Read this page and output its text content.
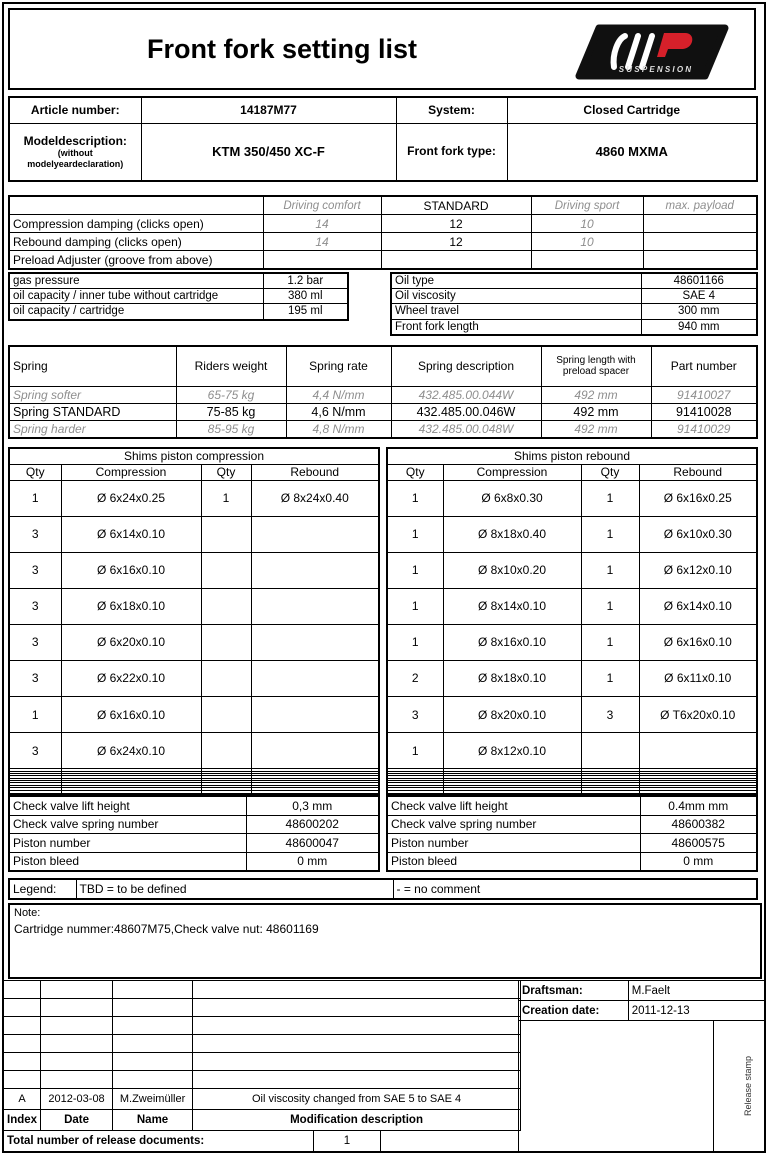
Front fork setting list
SUSPENSION
Article number:	14187M77	System:	Closed Cartridge
Modeldescription:
(without
modelyeardeclaration)	KTM 350/450 XC-F	Front fork type:	4860 MXMA
	Driving comfort	STANDARD	Driving sport	max. payload
Compression damping (clicks open)	14	12	10	
Rebound damping (clicks open)	14	12	10	
Preload Adjuster (groove from above)				
gas pressure	1.2 bar
oil capacity / inner tube without cartridge	380 ml
oil capacity / cartridge	195 ml
Oil type	48601166
Oil viscosity	SAE 4
Wheel travel	300 mm
Front fork length	940 mm
Spring	Riders weight	Spring rate	Spring description	Spring length with preload spacer	Part number
Spring softer	65-75 kg	4,4 N/mm	432.485.00.044W	492 mm	91410027
Spring STANDARD	75-85 kg	4,6 N/mm	432.485.00.046W	492 mm	91410028
Spring harder	85-95 kg	4,8 N/mm	432.485.00.048W	492 mm	91410029
Shims piston compression			
Qty	Compression	Qty	Rebound
1	Ø 6x24x0.25	1	Ø 8x24x0.40
3	Ø 6x14x0.10		
3	Ø 6x16x0.10		
3	Ø 6x18x0.10		
3	Ø 6x20x0.10		
3	Ø 6x22x0.10		
1	Ø 6x16x0.10		
3	Ø 6x24x0.10		

Shims piston rebound			
Qty	Compression	Qty	Rebound
1	Ø 6x8x0.30	1	Ø 6x16x0.25
1	Ø 8x18x0.40	1	Ø 6x10x0.30
1	Ø 8x10x0.20	1	Ø 6x12x0.10
1	Ø 8x14x0.10	1	Ø 6x14x0.10
1	Ø 8x16x0.10	1	Ø 6x16x0.10
2	Ø 8x18x0.10	1	Ø 6x11x0.10
3	Ø 8x20x0.10	3	Ø T6x20x0.10
1	Ø 8x12x0.10		

Check valve lift height	0,3 mm
Check valve spring number	48600202
Piston number	48600047
Piston bleed	0 mm
Check valve lift height	0.4mm mm
Check valve spring number	48600382
Piston number	48600575
Piston bleed	0 mm
Legend:	TBD = to be defined	- = no comment
Note:
Cartridge nummer:48607M75,Check valve nut: 48601169

A	2012-03-08	M.Zweimüller	Oil viscosity changed from SAE 5 to SAE 4
Index	Date	Name	Modification description
Total number of release documents:	1	
Draftsman:	M.Faelt
Creation date:	2011-12-13
Release stamp
